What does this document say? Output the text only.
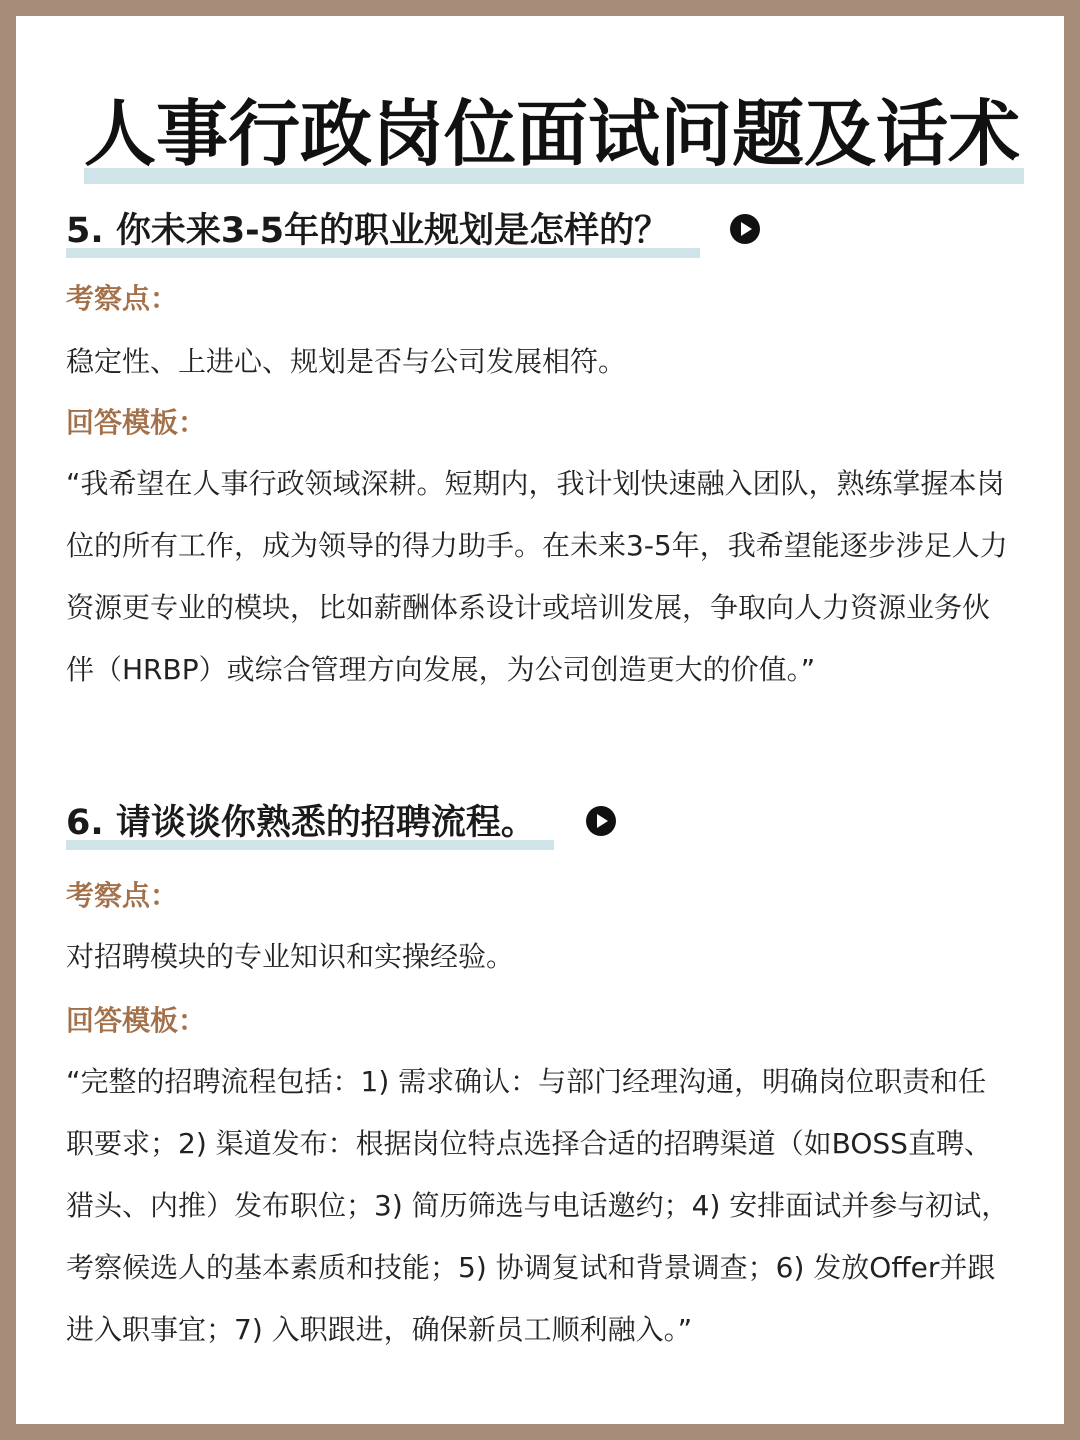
人事行政岗位面试问题及话术
5. 你未来3-5年的职业规划是怎样的？
考察点：

稳定性、上进心、规划是否与公司发展相符。

回答模板：

“我希望在人事行政领域深耕。短期内，我计划快速融入团队，熟练掌握本岗位的所有工作，成为领导的得力助手。在未来3-5年，我希望能逐步涉足人力资源更专业的模块，比如薪酬体系设计或培训发展，争取向人力资源业务伙伴（HRBP）或综合管理方向发展，为公司创造更大的价值。”

6. 请谈谈你熟悉的招聘流程。
考察点：

对招聘模块的专业知识和实操经验。

回答模板：

“完整的招聘流程包括：1) 需求确认：与部门经理沟通，明确岗位职责和任职要求；2) 渠道发布：根据岗位特点选择合适的招聘渠道（如BOSS直聘、猎头、内推）发布职位；3) 简历筛选与电话邀约；4) 安排面试并参与初试，考察候选人的基本素质和技能；5) 协调复试和背景调查；6) 发放Offer并跟进入职事宜；7) 入职跟进，确保新员工顺利融入。”
